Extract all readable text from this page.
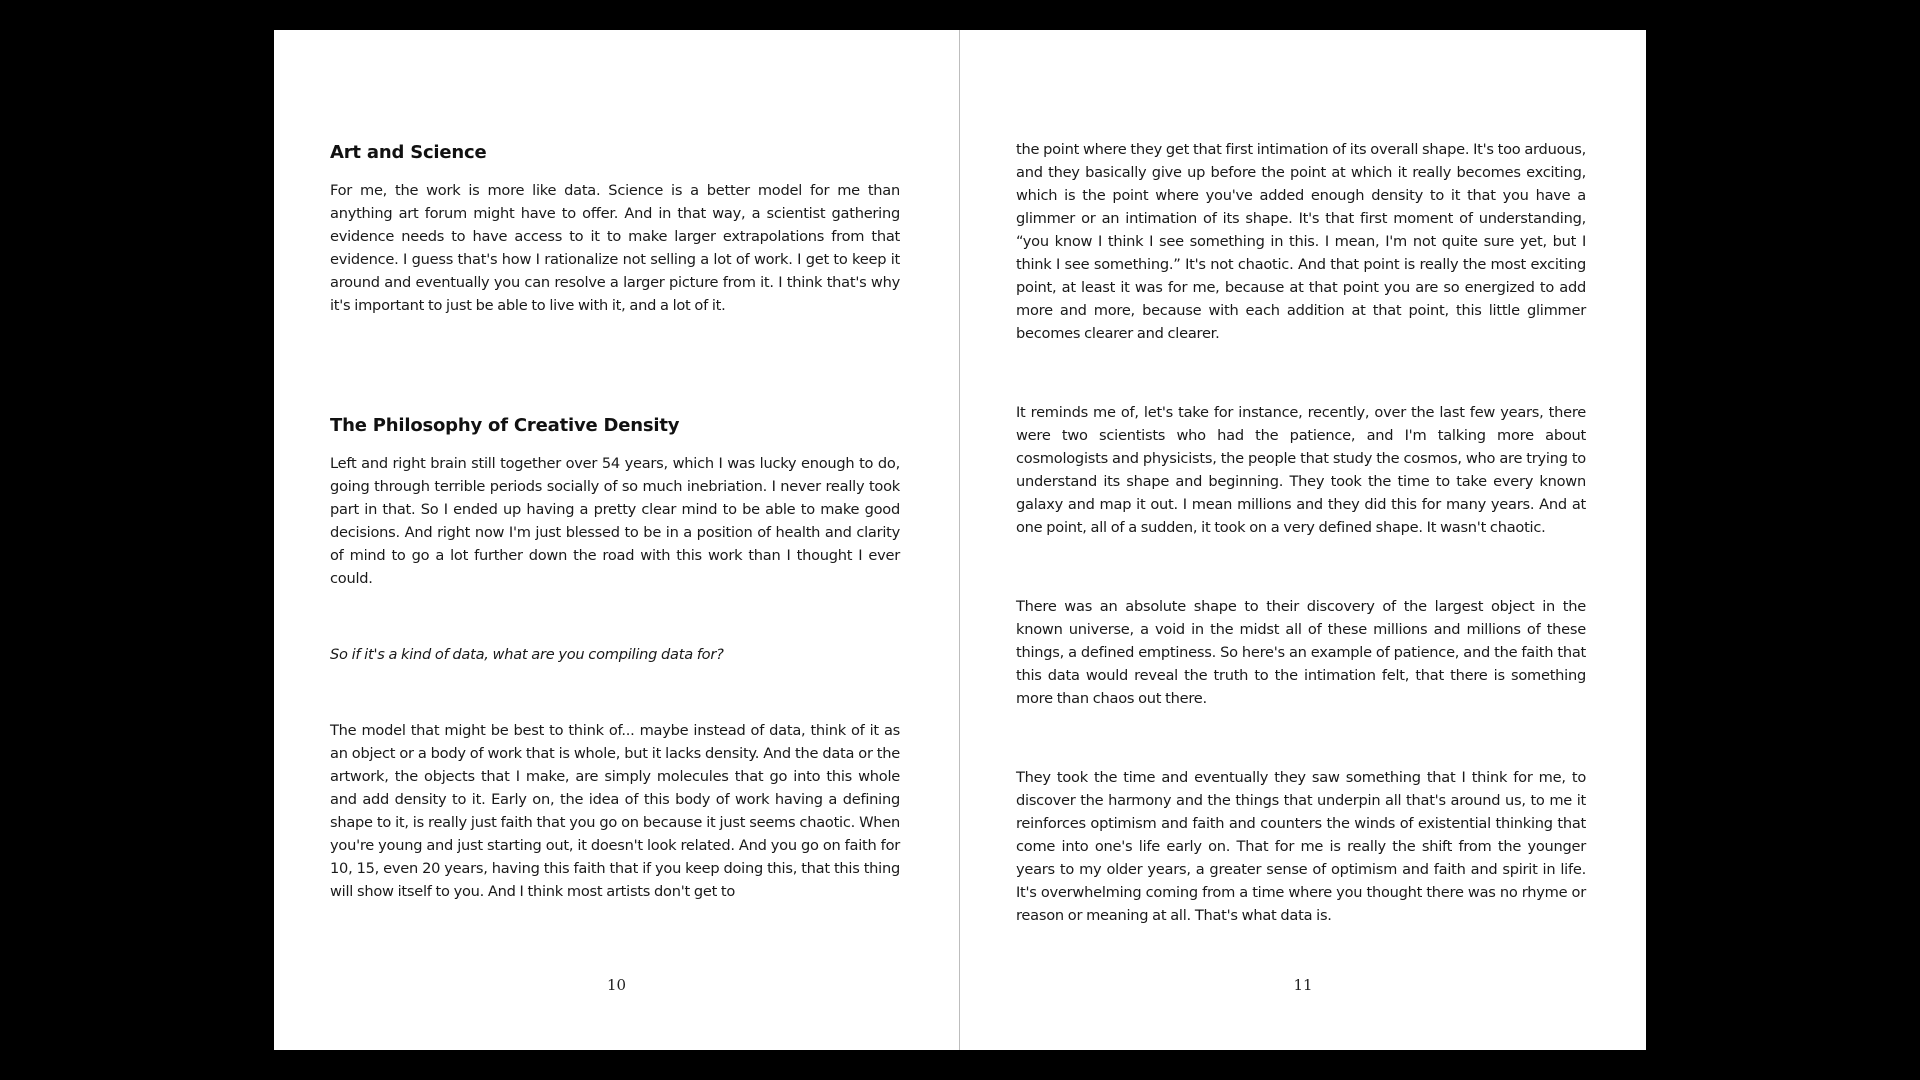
Art and Science

For me, the work is more like data. Science is a better model for me than anything art forum might have to offer. And in that way, a scientist gathering evidence needs to have access to it to make larger extrapolations from that evidence. I guess that's how I rationalize not selling a lot of work. I get to keep it around and eventually you can resolve a larger picture from it. I think that's why it's important to just be able to live with it, and a lot of it.

The Philosophy of Creative Density

Left and right brain still together over 54 years, which I was lucky enough to do, going through terrible periods socially of so much inebriation. I never really took part in that. So I ended up having a pretty clear mind to be able to make good decisions. And right now I'm just blessed to be in a position of health and clarity of mind to go a lot further down the road with this work than I thought I ever could.

So if it's a kind of data, what are you compiling data for?

The model that might be best to think of... maybe instead of data, think of it as an object or a body of work that is whole, but it lacks density. And the data or the artwork, the objects that I make, are simply molecules that go into this whole and add density to it. Early on, the idea of this body of work having a defining shape to it, is really just faith that you go on because it just seems chaotic. When you're young and just starting out, it doesn't look related. And you go on faith for 10, 15, even 20 years, having this faith that if you keep doing this, that this thing will show itself to you. And I think most artists don't get to

10

the point where they get that first intimation of its overall shape. It's too arduous, and they basically give up before the point at which it really becomes exciting, which is the point where you've added enough density to it that you have a glimmer or an intimation of its shape. It's that first moment of understanding, “you know I think I see something in this. I mean, I'm not quite sure yet, but I think I see something.” It's not chaotic. And that point is really the most exciting point, at least it was for me, because at that point you are so energized to add more and more, because with each addition at that point, this little glimmer becomes clearer and clearer.

It reminds me of, let's take for instance, recently, over the last few years, there were two scientists who had the patience, and I'm talking more about cosmologists and physicists, the people that study the cosmos, who are trying to understand its shape and beginning. They took the time to take every known galaxy and map it out. I mean millions and they did this for many years. And at one point, all of a sudden, it took on a very defined shape. It wasn't chaotic.

There was an absolute shape to their discovery of the largest object in the known universe, a void in the midst all of these millions and millions of these things, a defined emptiness. So here's an example of patience, and the faith that this data would reveal the truth to the intimation felt, that there is something more than chaos out there.

They took the time and eventually they saw something that I think for me, to discover the harmony and the things that underpin all that's around us, to me it reinforces optimism and faith and counters the winds of existential thinking that come into one's life early on. That for me is really the shift from the younger years to my older years, a greater sense of optimism and faith and spirit in life. It's overwhelming coming from a time where you thought there was no rhyme or reason or meaning at all. That's what data is.

11
